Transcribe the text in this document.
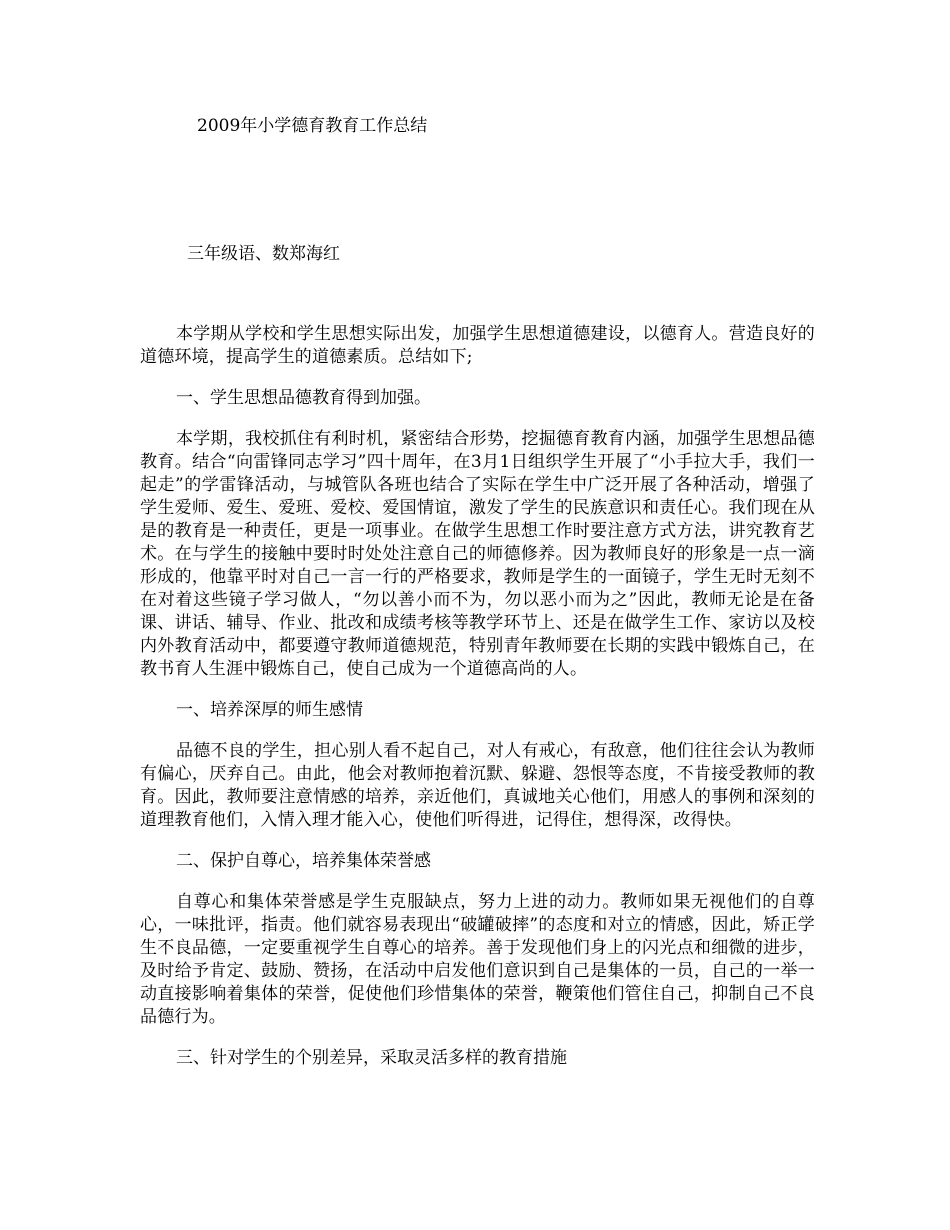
2009年小学德育教育工作总结
三年级语、数郑海红

本学期从学校和学生思想实际出发，加强学生思想道德建设，以德育人。营造良好的道德环境，提高学生的道德素质。总结如下;

一、学生思想品德教育得到加强。

本学期，我校抓住有利时机，紧密结合形势，挖掘德育教育内涵，加强学生思想品德教育。结合“向雷锋同志学习”四十周年，在3月1日组织学生开展了“小手拉大手，我们一起走”的学雷锋活动，与城管队各班也结合了实际在学生中广泛开展了各种活动，增强了学生爱师、爱生、爱班、爱校、爱国情谊，激发了学生的民族意识和责任心。我们现在从是的教育是一种责任，更是一项事业。在做学生思想工作时要注意方式方法，讲究教育艺术。在与学生的接触中要时时处处注意自己的师德修养。因为教师良好的形象是一点一滴形成的，他靠平时对自己一言一行的严格要求，教师是学生的一面镜子，学生无时无刻不在对着这些镜子学习做人，“勿以善小而不为，勿以恶小而为之”因此，教师无论是在备课、讲话、辅导、作业、批改和成绩考核等教学环节上、还是在做学生工作、家访以及校内外教育活动中，都要遵守教师道德规范，特别青年教师要在长期的实践中锻炼自己，在教书育人生涯中锻炼自己，使自己成为一个道德高尚的人。

一、培养深厚的师生感情

品德不良的学生，担心别人看不起自己，对人有戒心，有敌意，他们往往会认为教师有偏心，厌弃自己。由此，他会对教师抱着沉默、躲避、怨恨等态度，不肯接受教师的教育。因此，教师要注意情感的培养，亲近他们，真诚地关心他们，用感人的事例和深刻的道理教育他们，入情入理才能入心，使他们听得进，记得住，想得深，改得快。

二、保护自尊心，培养集体荣誉感

自尊心和集体荣誉感是学生克服缺点，努力上进的动力。教师如果无视他们的自尊心，一味批评，指责。他们就容易表现出“破罐破摔”的态度和对立的情感，因此，矫正学生不良品德，一定要重视学生自尊心的培养。善于发现他们身上的闪光点和细微的进步，及时给予肯定、鼓励、赞扬，在活动中启发他们意识到自己是集体的一员，自己的一举一动直接影响着集体的荣誉，促使他们珍惜集体的荣誉，鞭策他们管住自己，抑制自己不良品德行为。

三、针对学生的个别差异，采取灵活多样的教育措施
